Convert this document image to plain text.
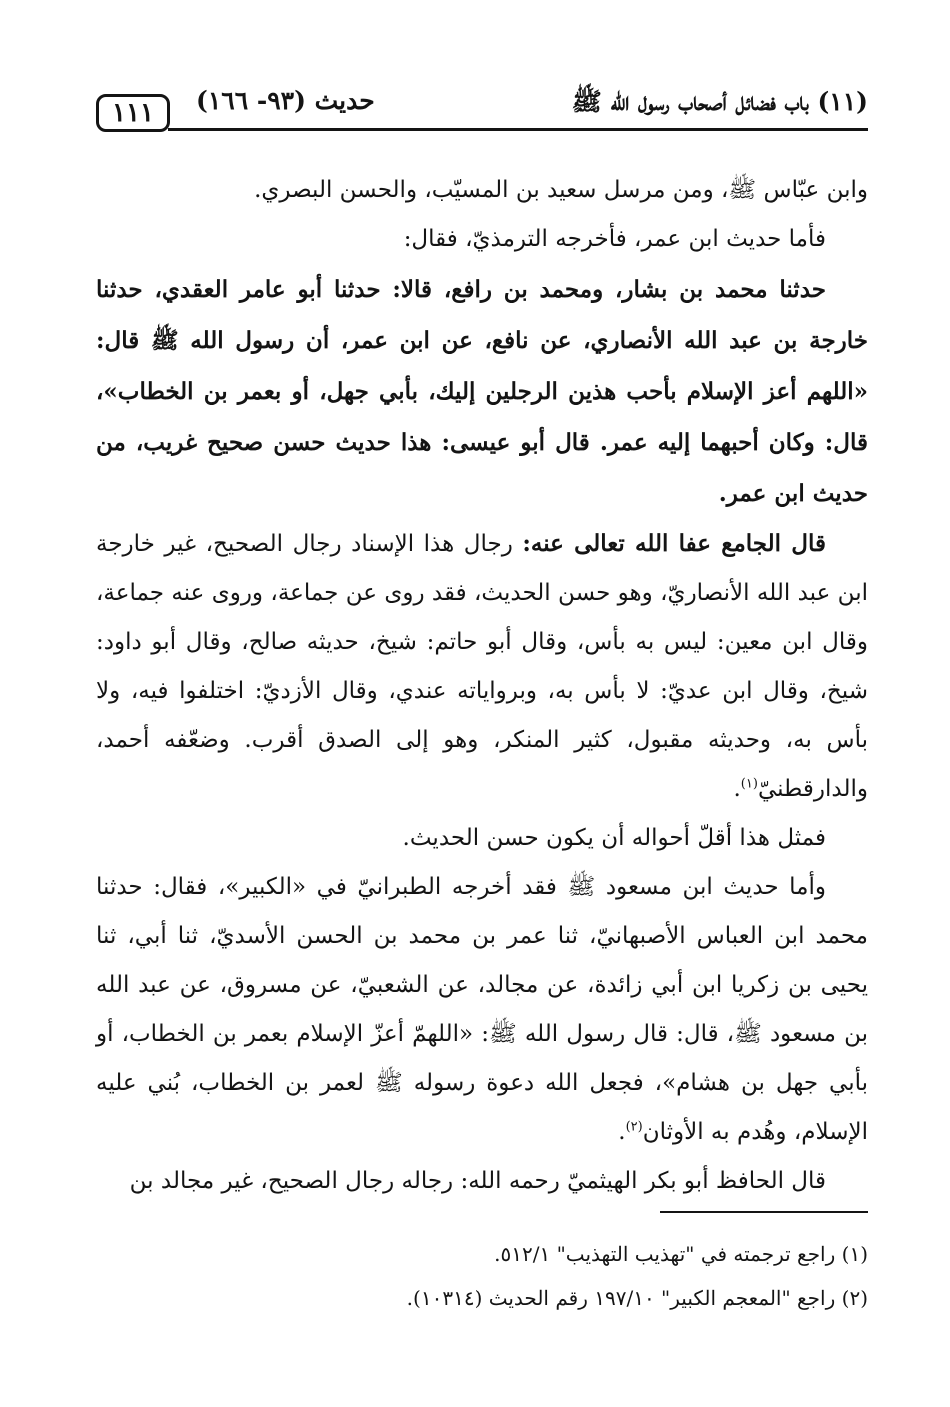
١١١	حديث (٩٣- ١٦٦)	(١١) باب فضائل أصحاب رسول الله ﷺ

وابن عبّاس ﷺ، ومن مرسل سعيد بن المسيّب، والحسن البصري.

فأما حديث ابن عمر، فأخرجه الترمذيّ، فقال:

حدثنا محمد بن بشار، ومحمد بن رافع، قالا: حدثنا أبو عامر العقدي، حدثنا خارجة بن عبد الله الأنصاري، عن نافع، عن ابن عمر، أن رسول الله ﷺ قال: «اللهم أعز الإسلام بأحب هذين الرجلين إليك، بأبي جهل، أو بعمر بن الخطاب»، قال: وكان أحبهما إليه عمر. قال أبو عيسى: هذا حديث حسن صحيح غريب، من حديث ابن عمر.

قال الجامع عفا الله تعالى عنه: رجال هذا الإسناد رجال الصحيح، غير خارجة ابن عبد الله الأنصاريّ، وهو حسن الحديث، فقد روى عن جماعة، وروى عنه جماعة، وقال ابن معين: ليس به بأس، وقال أبو حاتم: شيخ، حديثه صالح، وقال أبو داود: شيخ، وقال ابن عديّ: لا بأس به، وبرواياته عندي، وقال الأزديّ: اختلفوا فيه، ولا بأس به، وحديثه مقبول، كثير المنكر، وهو إلى الصدق أقرب. وضعّفه أحمد، والدارقطنيّ$^{(١)}$.

فمثل هذا أقلّ أحواله أن يكون حسن الحديث.

وأما حديث ابن مسعود ﷺ فقد أخرجه الطبرانيّ في «الكبير»، فقال: حدثنا محمد ابن العباس الأصبهانيّ، ثنا عمر بن محمد بن الحسن الأسديّ، ثنا أبي، ثنا يحيى بن زكريا ابن أبي زائدة، عن مجالد، عن الشعبيّ، عن مسروق، عن عبد الله بن مسعود ﷺ، قال: قال رسول الله ﷺ: «اللهمّ أعزّ الإسلام بعمر بن الخطاب، أو بأبي جهل بن هشام»، فجعل الله دعوة رسوله ﷺ لعمر بن الخطاب، بُني عليه الإسلام، وهُدم به الأوثان$^{(٢)}$.

قال الحافظ أبو بكر الهيثميّ رحمه الله: رجاله رجال الصحيح، غير مجالد بن

(١) راجع ترجمته في "تهذيب التهذيب" ٥١٢/١.

(٢) راجع "المعجم الكبير" ١٩٧/١٠ رقم الحديث (١٠٣١٤).
